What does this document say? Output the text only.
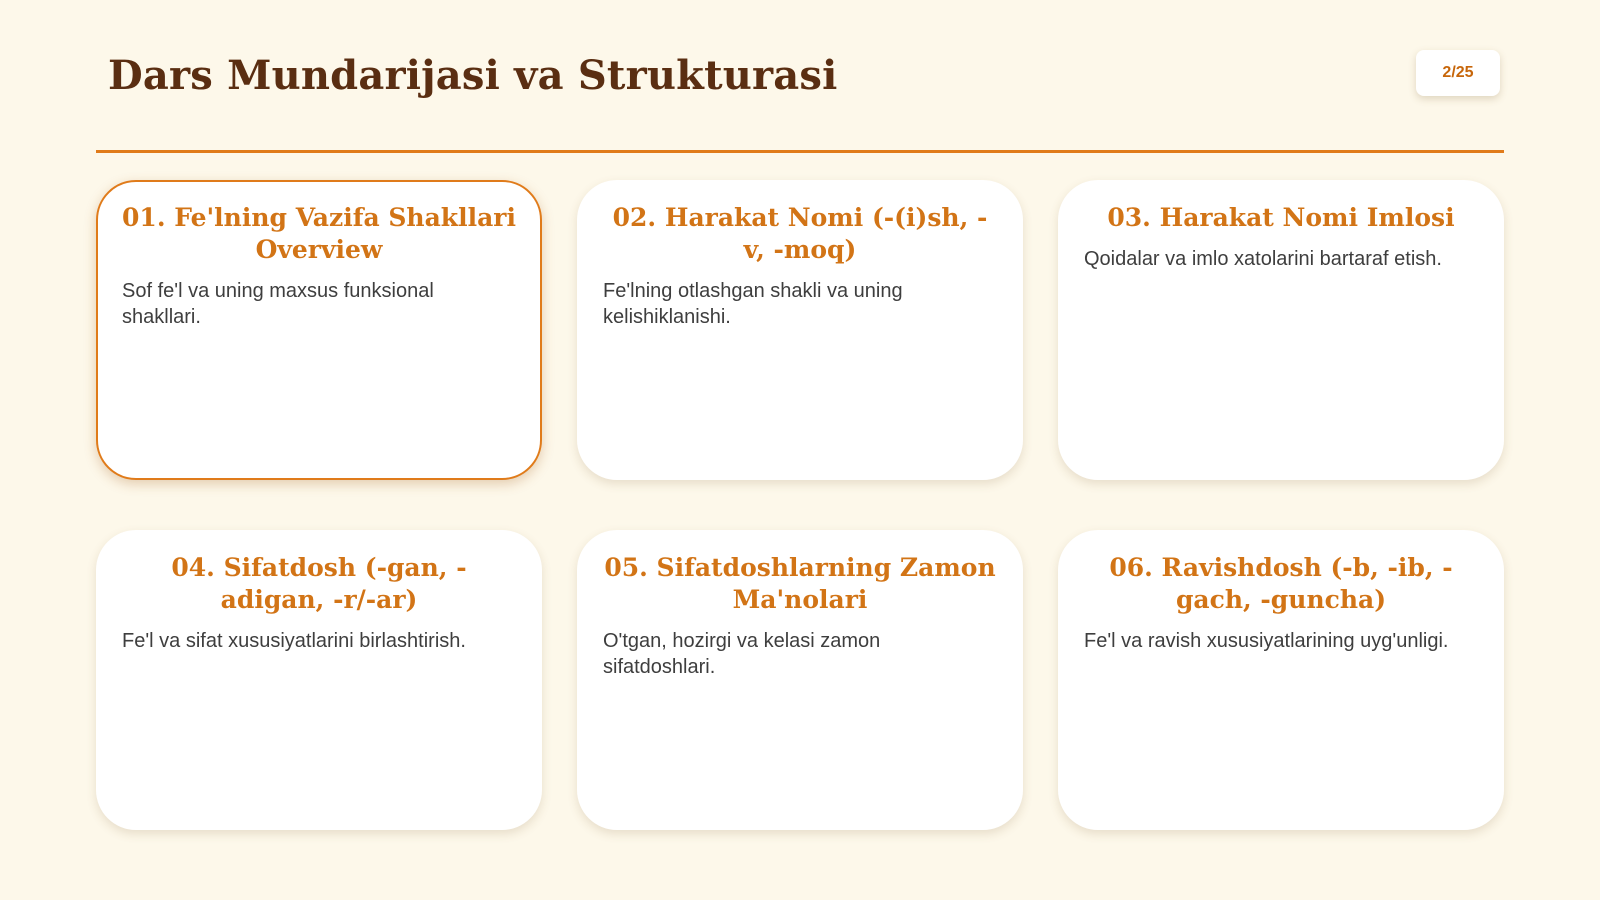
Dars Mundarijasi va Strukturasi	2/25
01. Fe'lning Vazifa Shakllari Overview

Sof fe'l va uning maxsus funksional shakllari.

02. Harakat Nomi (-(i)sh, -v, -moq)

Fe'lning otlashgan shakli va uning kelishiklanishi.

03. Harakat Nomi Imlosi

Qoidalar va imlo xatolarini bartaraf etish.

04. Sifatdosh (-gan, -adigan, -r/-ar)

Fe'l va sifat xususiyatlarini birlashtirish.

05. Sifatdoshlarning Zamon Ma'nolari

O'tgan, hozirgi va kelasi zamon sifatdoshlari.

06. Ravishdosh (-b, -ib, -gach, -guncha)

Fe'l va ravish xususiyatlarining uyg'unligi.
